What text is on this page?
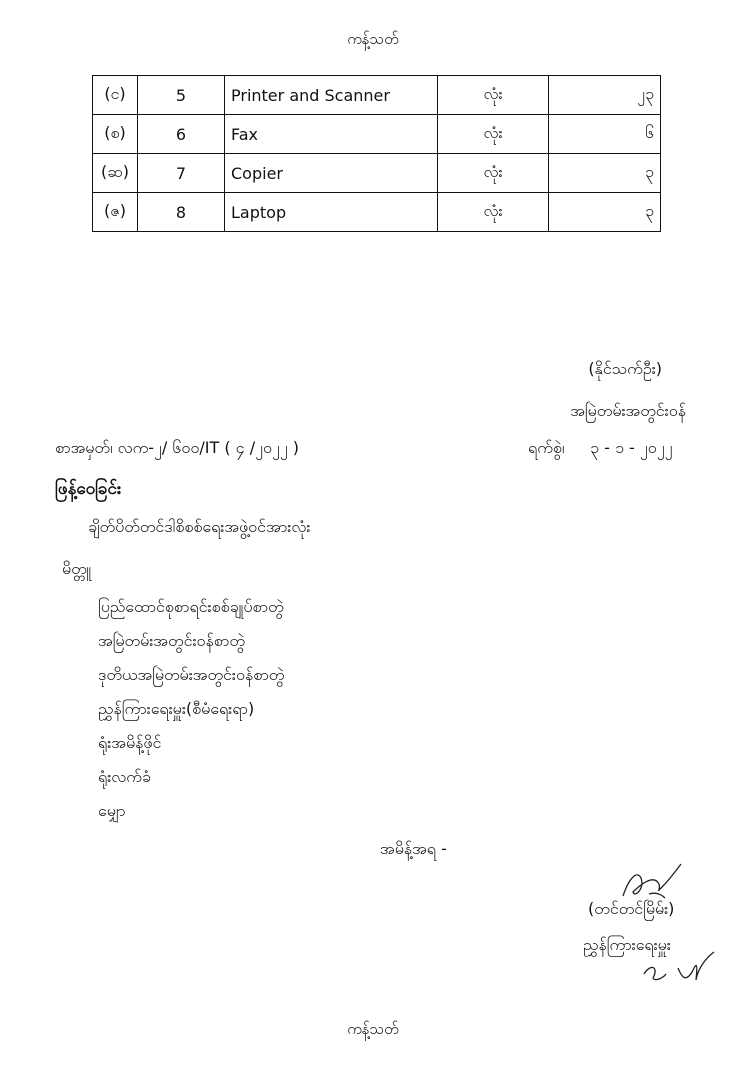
ကန့်သတ်
(င)	5	Printer and Scanner	လုံး	၂၃
(စ)	6	Fax	လုံး	၆
(ဆ)	7	Copier	လုံး	၃
(ဇ)	8	Laptop	လုံး	၃
(နိုင်သက်ဦး)
အမြဲတမ်းအတွင်းဝန်
စာအမှတ်၊ လက-၂/ ၆၀၀/IT ( ၄ /၂၀၂၂ )	ရက်စွဲ၊ ၃ - ၁ - ၂၀၂၂
ဖြန့်ဝေခြင်း
ချိတ်ပိတ်တင်ဒါစိစစ်ရေးအဖွဲ့ဝင်အားလုံး
မိတ္တူ
ပြည်ထောင်စုစာရင်းစစ်ချုပ်စာတွဲ
အမြဲတမ်းအတွင်းဝန်စာတွဲ
ဒုတိယအမြဲတမ်းအတွင်းဝန်စာတွဲ
ညွှန်ကြားရေးမှူး(စီမံရေးရာ)
ရုံးအမိန့်ဖိုင်
ရုံးလက်ခံ
မျှော
အမိန့်အရ -
(တင်တင်မြိမ်း)
ညွှန်ကြားရေးမှူး
ကန့်သတ်
